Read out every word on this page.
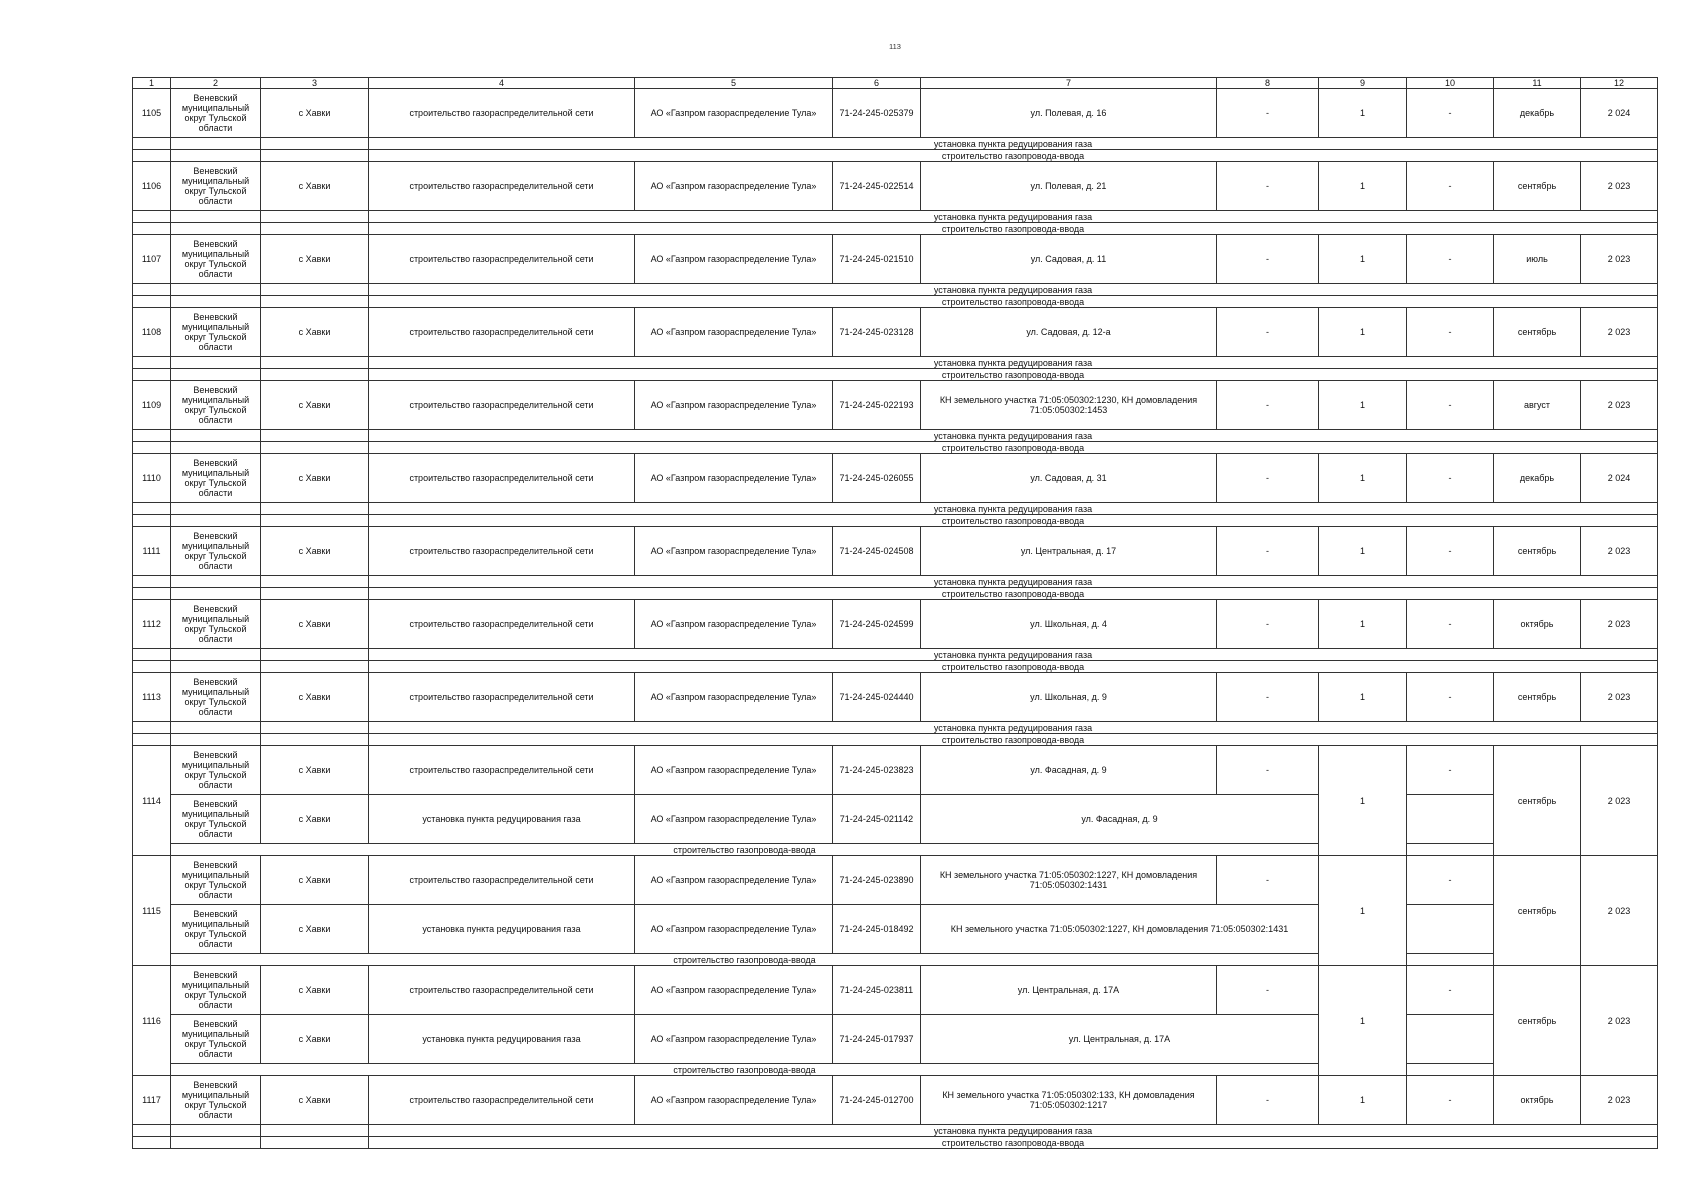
113
1	2	3	4	5	6	7	8	9	10	11	12
1105	Веневский муниципальный округ Тульской области	с Хавки	строительство газораспределительной сети	АО «Газпром газораспределение Тула»	71-24-245-025379	ул. Полевая, д. 16	-	1	-	декабрь	2 024
			установка пункта редуцирования газа								
			строительство газопровода-ввода								
1106	Веневский муниципальный округ Тульской области	с Хавки	строительство газораспределительной сети	АО «Газпром газораспределение Тула»	71-24-245-022514	ул. Полевая, д. 21	-	1	-	сентябрь	2 023
			установка пункта редуцирования газа								
			строительство газопровода-ввода								
1107	Веневский муниципальный округ Тульской области	с Хавки	строительство газораспределительной сети	АО «Газпром газораспределение Тула»	71-24-245-021510	ул. Садовая, д. 11	-	1	-	июль	2 023
			установка пункта редуцирования газа								
			строительство газопровода-ввода								
1108	Веневский муниципальный округ Тульской области	с Хавки	строительство газораспределительной сети	АО «Газпром газораспределение Тула»	71-24-245-023128	ул. Садовая, д. 12-а	-	1	-	сентябрь	2 023
			установка пункта редуцирования газа								
			строительство газопровода-ввода								
1109	Веневский муниципальный округ Тульской области	с Хавки	строительство газораспределительной сети	АО «Газпром газораспределение Тула»	71-24-245-022193	КН земельного участка 71:05:050302:1230, КН домовладения 71:05:050302:1453	-	1	-	август	2 023
			установка пункта редуцирования газа								
			строительство газопровода-ввода								
1110	Веневский муниципальный округ Тульской области	с Хавки	строительство газораспределительной сети	АО «Газпром газораспределение Тула»	71-24-245-026055	ул. Садовая, д. 31	-	1	-	декабрь	2 024
			установка пункта редуцирования газа								
			строительство газопровода-ввода								
1111	Веневский муниципальный округ Тульской области	с Хавки	строительство газораспределительной сети	АО «Газпром газораспределение Тула»	71-24-245-024508	ул. Центральная, д. 17	-	1	-	сентябрь	2 023
			установка пункта редуцирования газа								
			строительство газопровода-ввода								
1112	Веневский муниципальный округ Тульской области	с Хавки	строительство газораспределительной сети	АО «Газпром газораспределение Тула»	71-24-245-024599	ул. Школьная, д. 4	-	1	-	октябрь	2 023
			установка пункта редуцирования газа								
			строительство газопровода-ввода								
1113	Веневский муниципальный округ Тульской области	с Хавки	строительство газораспределительной сети	АО «Газпром газораспределение Тула»	71-24-245-024440	ул. Школьная, д. 9	-	1	-	сентябрь	2 023
			установка пункта редуцирования газа								
			строительство газопровода-ввода								
1114	Веневский муниципальный округ Тульской области	с Хавки	строительство газораспределительной сети	АО «Газпром газораспределение Тула»	71-24-245-023823	ул. Фасадная, д. 9	-	1	-	сентябрь	2 023
	Веневский муниципальный округ Тульской области	с Хавки	установка пункта редуцирования газа	АО «Газпром газораспределение Тула»	71-24-245-021142	ул. Фасадная, д. 9					
	строительство газопровода-ввода										
1115	Веневский муниципальный округ Тульской области	с Хавки	строительство газораспределительной сети	АО «Газпром газораспределение Тула»	71-24-245-023890	КН земельного участка 71:05:050302:1227, КН домовладения 71:05:050302:1431	-	1	-	сентябрь	2 023
	Веневский муниципальный округ Тульской области	с Хавки	установка пункта редуцирования газа	АО «Газпром газораспределение Тула»	71-24-245-018492	КН земельного участка 71:05:050302:1227, КН домовладения 71:05:050302:1431					
	строительство газопровода-ввода										
1116	Веневский муниципальный округ Тульской области	с Хавки	строительство газораспределительной сети	АО «Газпром газораспределение Тула»	71-24-245-023811	ул. Центральная, д. 17А	-	1	-	сентябрь	2 023
	Веневский муниципальный округ Тульской области	с Хавки	установка пункта редуцирования газа	АО «Газпром газораспределение Тула»	71-24-245-017937	ул. Центральная, д. 17А					
	строительство газопровода-ввода										
1117	Веневский муниципальный округ Тульской области	с Хавки	строительство газораспределительной сети	АО «Газпром газораспределение Тула»	71-24-245-012700	КН земельного участка 71:05:050302:133, КН домовладения 71:05:050302:1217	-	1	-	октябрь	2 023
			установка пункта редуцирования газа								
			строительство газопровода-ввода								
